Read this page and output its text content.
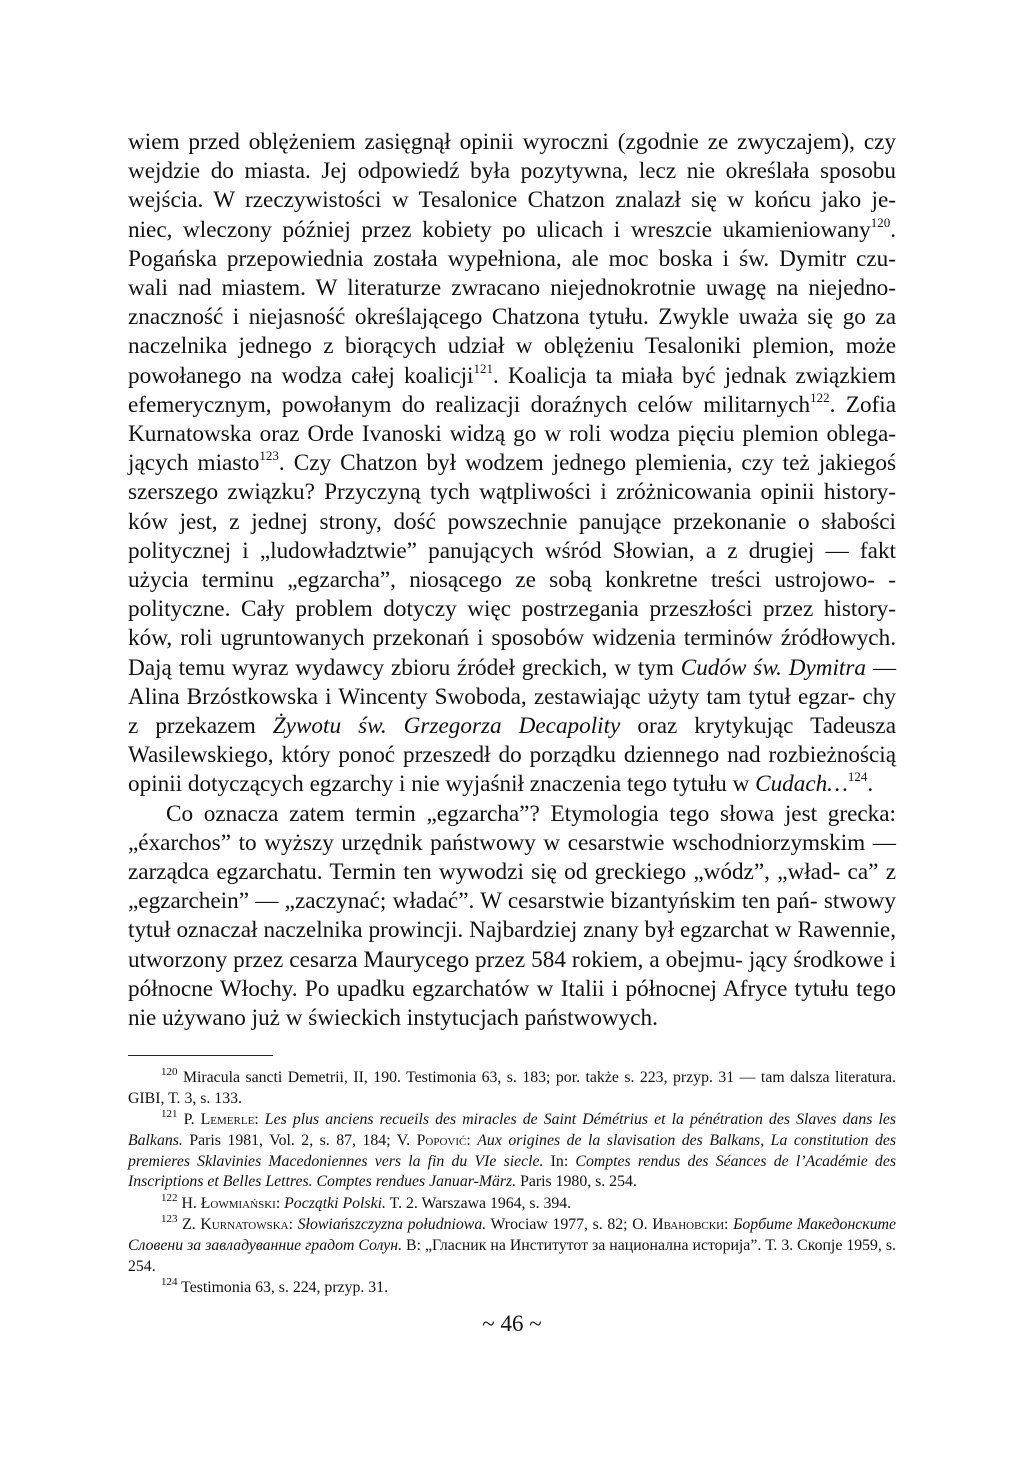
wiem przed oblężeniem zasięgnął opinii wyroczni (zgodnie ze zwyczajem), czy wejdzie do miasta. Jej odpowiedź była pozytywna, lecz nie określała sposobu wejścia. W rzeczywistości w Tesalonice Chatzon znalazł się w końcu jako je- niec, wleczony później przez kobiety po ulicach i wreszcie ukamieniowany$^{120}$. Pogańska przepowiednia została wypełniona, ale moc boska i św. Dymitr czu- wali nad miastem. W literaturze zwracano niejednokrotnie uwagę na niejedno- znaczność i niejasność określającego Chatzona tytułu. Zwykle uważa się go za naczelnika jednego z biorących udział w oblężeniu Tesaloniki plemion, może powołanego na wodza całej koalicji$^{121}$. Koalicja ta miała być jednak związkiem efemerycznym, powołanym do realizacji doraźnych celów militarnych$^{122}$. Zofia Kurnatowska oraz Orde Ivanoski widzą go w roli wodza pięciu plemion oblega- jących miasto$^{123}$. Czy Chatzon był wodzem jednego plemienia, czy też jakiegoś szerszego związku? Przyczyną tych wątpliwości i zróżnicowania opinii history- ków jest, z jednej strony, dość powszechnie panujące przekonanie o słabości politycznej i „ludowładztwie” panujących wśród Słowian, a z drugiej — fakt użycia terminu „egzarcha”, niosącego ze sobą konkretne treści ustrojowo- -polityczne. Cały problem dotyczy więc postrzegania przeszłości przez history- ków, roli ugruntowanych przekonań i sposobów widzenia terminów źródłowych. Dają temu wyraz wydawcy zbioru źródeł greckich, w tym Cudów św. Dymitra — Alina Brzóstkowska i Wincenty Swoboda, zestawiając użyty tam tytuł egzar- chy z przekazem Żywotu św. Grzegorza Decapolity oraz krytykując Tadeusza Wasilewskiego, który ponoć przeszedł do porządku dziennego nad rozbieżnością opinii dotyczących egzarchy i nie wyjaśnił znaczenia tego tytułu w Cudach…$^{124}$.

Co oznacza zatem termin „egzarcha”? Etymologia tego słowa jest grecka: „éxarchos” to wyższy urzędnik państwowy w cesarstwie wschodniorzymskim — zarządca egzarchatu. Termin ten wywodzi się od greckiego „wódz”, „wład- ca” z „egzarchein” — „zaczynać; władać”. W cesarstwie bizantyńskim ten pań- stwowy tytuł oznaczał naczelnika prowincji. Najbardziej znany był egzarchat w Rawennie, utworzony przez cesarza Maurycego przez 584 rokiem, a obejmu- jący środkowe i północne Włochy. Po upadku egzarchatów w Italii i północnej Afryce tytułu tego nie używano już w świeckich instytucjach państwowych.

$^{120}$ Miracula sancti Demetrii, II, 190. Testimonia 63, s. 183; por. także s. 223, przyp. 31 — tam dalsza literatura. GIBI, T. 3, s. 133.
$^{121}$ P. Lemerle: Les plus anciens recueils des miracles de Saint Démétrius et la pénétration des Slaves dans les Balkans. Paris 1981, Vol. 2, s. 87, 184; V. Popović: Aux origines de la slavisation des Balkans, La constitution des premieres Sklavinies Macedoniennes vers la fin du VIe siecle. In: Comptes rendus des Séances de l’Académie des Inscriptions et Belles Lettres. Comptes rendues Januar-März. Paris 1980, s. 254.
$^{122}$ H. Łowmiański: Początki Polski. T. 2. Warszawa 1964, s. 394.
$^{123}$ Z. Kurnatowska: Słowiańszczyzna południowa. Wrociaw 1977, s. 82; O. Ивановски: Борбите Македонските Словени за завладуванние градот Солун. В: „Гласник на Институтот за национална историја”. Т. 3. Скопје 1959, s. 254.
$^{124}$ Testimonia 63, s. 224, przyp. 31.
~ 46 ~
